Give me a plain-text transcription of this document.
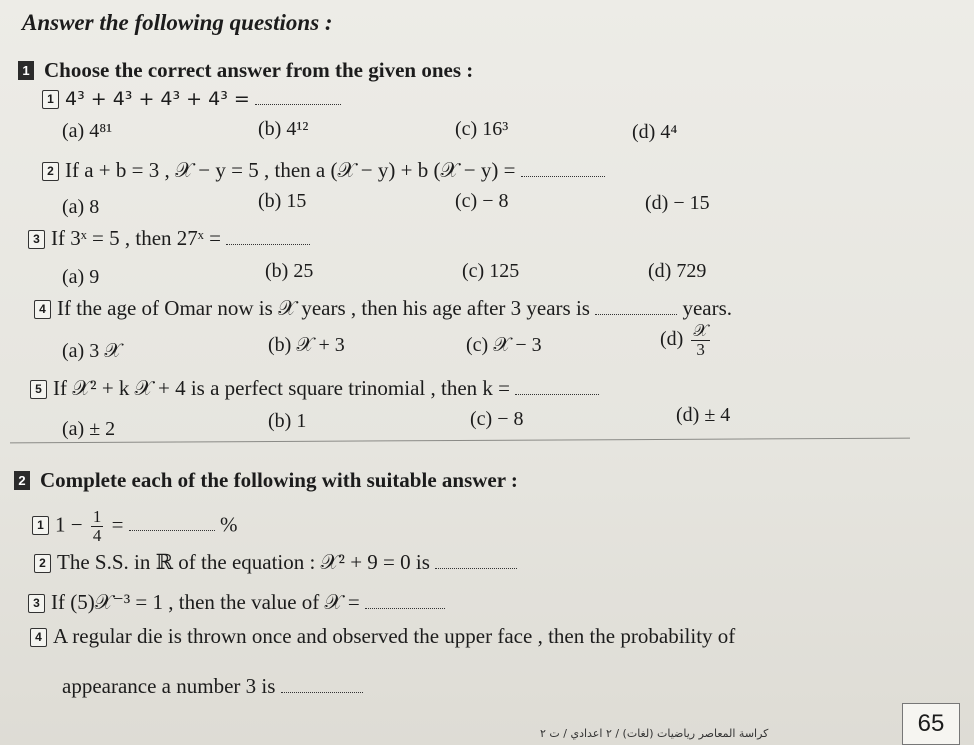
Answer the following questions :
1 Choose the correct answer from the given ones :
1 4³ + 4³ + 4³ + 4³ =
(a) 4⁸¹	(b) 4¹²	(c) 16³	(d) 4⁴
2 If a + b = 3 , 𝒳 − y = 5 , then a (𝒳 − y) + b (𝒳 − y) =
(a) 8	(b) 15	(c) − 8	(d) − 15
3 If 3ˣ = 5 , then 27ˣ =
(a) 9	(b) 25	(c) 125	(d) 729
4 If the age of Omar now is 𝒳 years , then his age after 3 years is	years.
(a) 3 𝒳	(b) 𝒳 + 3	(c) 𝒳 − 3	$(d) \frac{\text{𝒳}}{3}$
5 If 𝒳² + k 𝒳 + 4 is a perfect square trinomial , then k =
(a) ± 2	(b) 1	(c) − 8	(d) ± 4
2 Complete each of the following with suitable answer :
1 $1 - \frac{1}{4}$ =	%
2 The S.S. in ℝ of the equation : 𝒳² + 9 = 0 is
3 If (5)𝒳⁻³ = 1 , then the value of 𝒳 =
4 A regular die is thrown once and observed the upper face , then the probability of
appearance a number 3 is
كراسة المعاصر رياضيات (لغات) / ٢ اعدادي / ت ٢	65
